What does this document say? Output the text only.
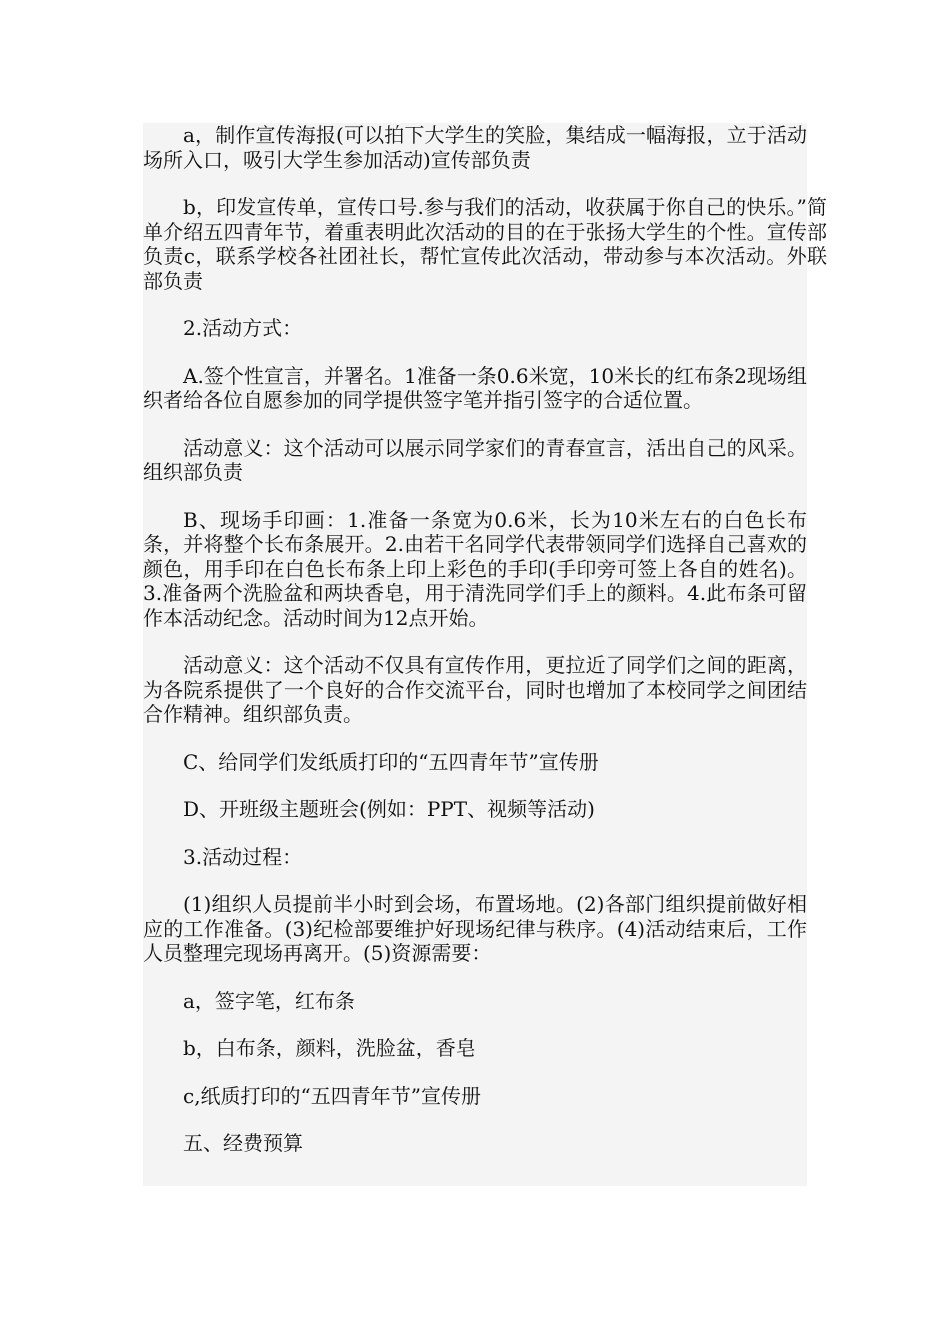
a，制作宣传海报(可以拍下大学生的笑脸，集结成一幅海报，立于活动场所入口，吸引大学生参加活动)宣传部负责

b，印发宣传单，宣传口号.参与我们的活动，收获属于你自己的快乐。”简单介绍五四青年节，着重表明此次活动的目的在于张扬大学生的个性。宣传部负责c，联系学校各社团社长，帮忙宣传此次活动，带动参与本次活动。外联部负责

2.活动方式：

A.签个性宣言，并署名。1准备一条0.6米宽，10米长的红布条2现场组织者给各位自愿参加的同学提供签字笔并指引签字的合适位置。

活动意义：这个活动可以展示同学家们的青春宣言，活出自己的风采。组织部负责

B、现场手印画：1.准备一条宽为0.6米，长为10米左右的白色长布条，并将整个长布条展开。2.由若干名同学代表带领同学们选择自己喜欢的颜色，用手印在白色长布条上印上彩色的手印(手印旁可签上各自的姓名)。3.准备两个洗脸盆和两块香皂，用于清洗同学们手上的颜料。4.此布条可留作本活动纪念。活动时间为12点开始。

活动意义：这个活动不仅具有宣传作用，更拉近了同学们之间的距离，为各院系提供了一个良好的合作交流平台，同时也增加了本校同学之间团结合作精神。组织部负责。

C、给同学们发纸质打印的“五四青年节”宣传册

D、开班级主题班会(例如：PPT、视频等活动)

3.活动过程：

(1)组织人员提前半小时到会场，布置场地。(2)各部门组织提前做好相应的工作准备。(3)纪检部要维护好现场纪律与秩序。(4)活动结束后，工作人员整理完现场再离开。(5)资源需要：

a，签字笔，红布条

b，白布条，颜料，洗脸盆，香皂

c,纸质打印的“五四青年节”宣传册

五、经费预算
